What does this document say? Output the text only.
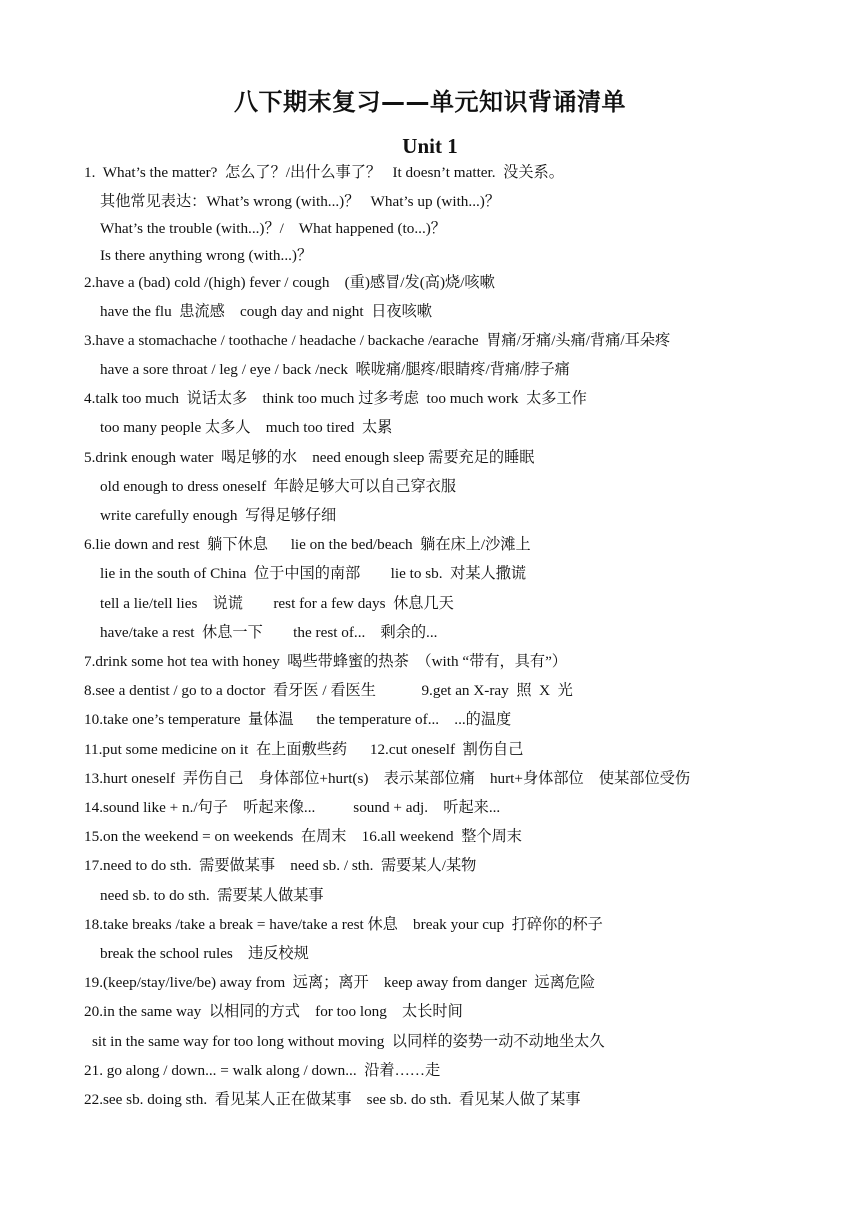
八下期末复习——单元知识背诵清单
Unit 1
1.  What’s the matter?  怎么了？/出什么事了？   It doesn’t matter.  没关系。
其他常见表达：What’s wrong (with...)？   What’s up (with...)？
What’s the trouble (with...)？/    What happened (to...)？
Is there anything wrong (with...)？
2.have a (bad) cold /(high) fever / cough    (重)感冒/发(高)烧/咳嗽
have the flu  患流感    cough day and night  日夜咳嗽
3.have a stomachache / toothache / headache / backache /earache  胃痛/牙痛/头痛/背痛/耳朵疼
have a sore throat / leg / eye / back /neck  喉咙痛/腿疼/眼睛疼/背痛/脖子痛
4.talk too much  说话太多    think too much 过多考虑  too much work  太多工作
too many people 太多人    much too tired  太累
5.drink enough water  喝足够的水    need enough sleep 需要充足的睡眠
old enough to dress oneself  年龄足够大可以自己穿衣服
write carefully enough  写得足够仔细
6.lie down and rest  躺下休息      lie on the bed/beach  躺在床上/沙滩上
lie in the south of China  位于中国的南部        lie to sb.  对某人撒谎
tell a lie/tell lies    说谎        rest for a few days  休息几天
have/take a rest  休息一下        the rest of...    剩余的...
7.drink some hot tea with honey  喝些带蜂蜜的热茶  （with “带有，具有”）
8.see a dentist / go to a doctor  看牙医 / 看医生            9.get an X-ray  照  X  光
10.take one’s temperature  量体温      the temperature of...    ...的温度
11.put some medicine on it  在上面敷些药      12.cut oneself  割伤自己
13.hurt oneself  弄伤自己    身体部位+hurt(s)    表示某部位痛    hurt+身体部位    使某部位受伤
14.sound like + n./句子    听起来像...          sound + adj.    听起来...
15.on the weekend = on weekends  在周末    16.all weekend  整个周末
17.need to do sth.  需要做某事    need sb. / sth.  需要某人/某物
need sb. to do sth.  需要某人做某事
18.take breaks /take a break = have/take a rest 休息    break your cup  打碎你的杯子
break the school rules    违反校规
19.(keep/stay/live/be) away from  远离；离开    keep away from danger  远离危险
20.in the same way  以相同的方式    for too long    太长时间
sit in the same way for too long without moving  以同样的姿势一动不动地坐太久
21. go along / down... = walk along / down...  沿着……走
22.see sb. doing sth.  看见某人正在做某事    see sb. do sth.  看见某人做了某事
